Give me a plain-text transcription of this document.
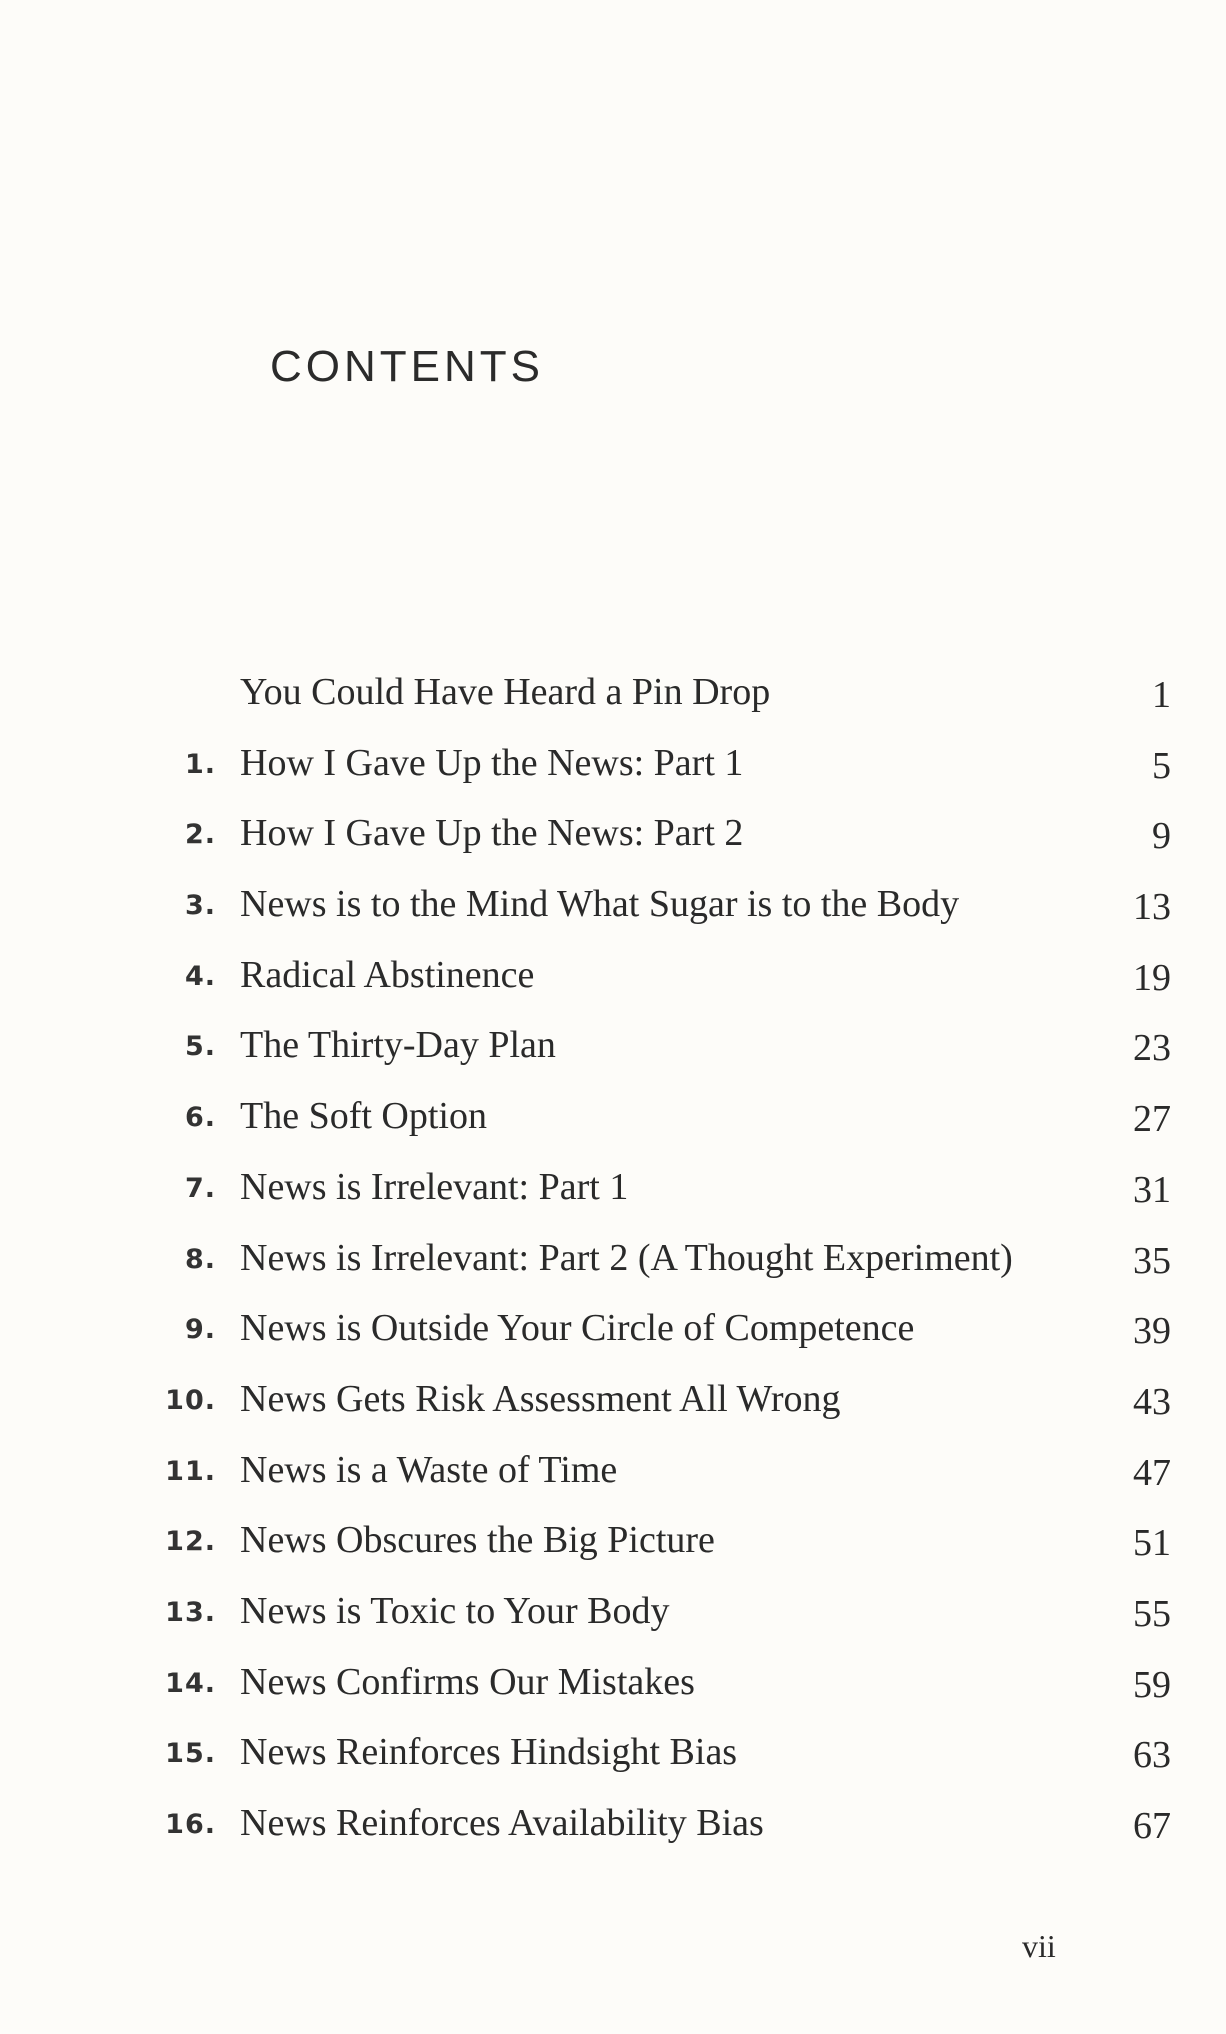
CONTENTS
You Could Have Heard a Pin Drop	1
1. How I Gave Up the News: Part 1	5
2. How I Gave Up the News: Part 2	9
3. News is to the Mind What Sugar is to the Body	13
4. Radical Abstinence	19
5. The Thirty-Day Plan	23
6. The Soft Option	27
7. News is Irrelevant: Part 1	31
8. News is Irrelevant: Part 2 (A Thought Experiment)	35
9. News is Outside Your Circle of Competence	39
10. News Gets Risk Assessment All Wrong	43
11. News is a Waste of Time	47
12. News Obscures the Big Picture	51
13. News is Toxic to Your Body	55
14. News Confirms Our Mistakes	59
15. News Reinforces Hindsight Bias	63
16. News Reinforces Availability Bias	67
vii
